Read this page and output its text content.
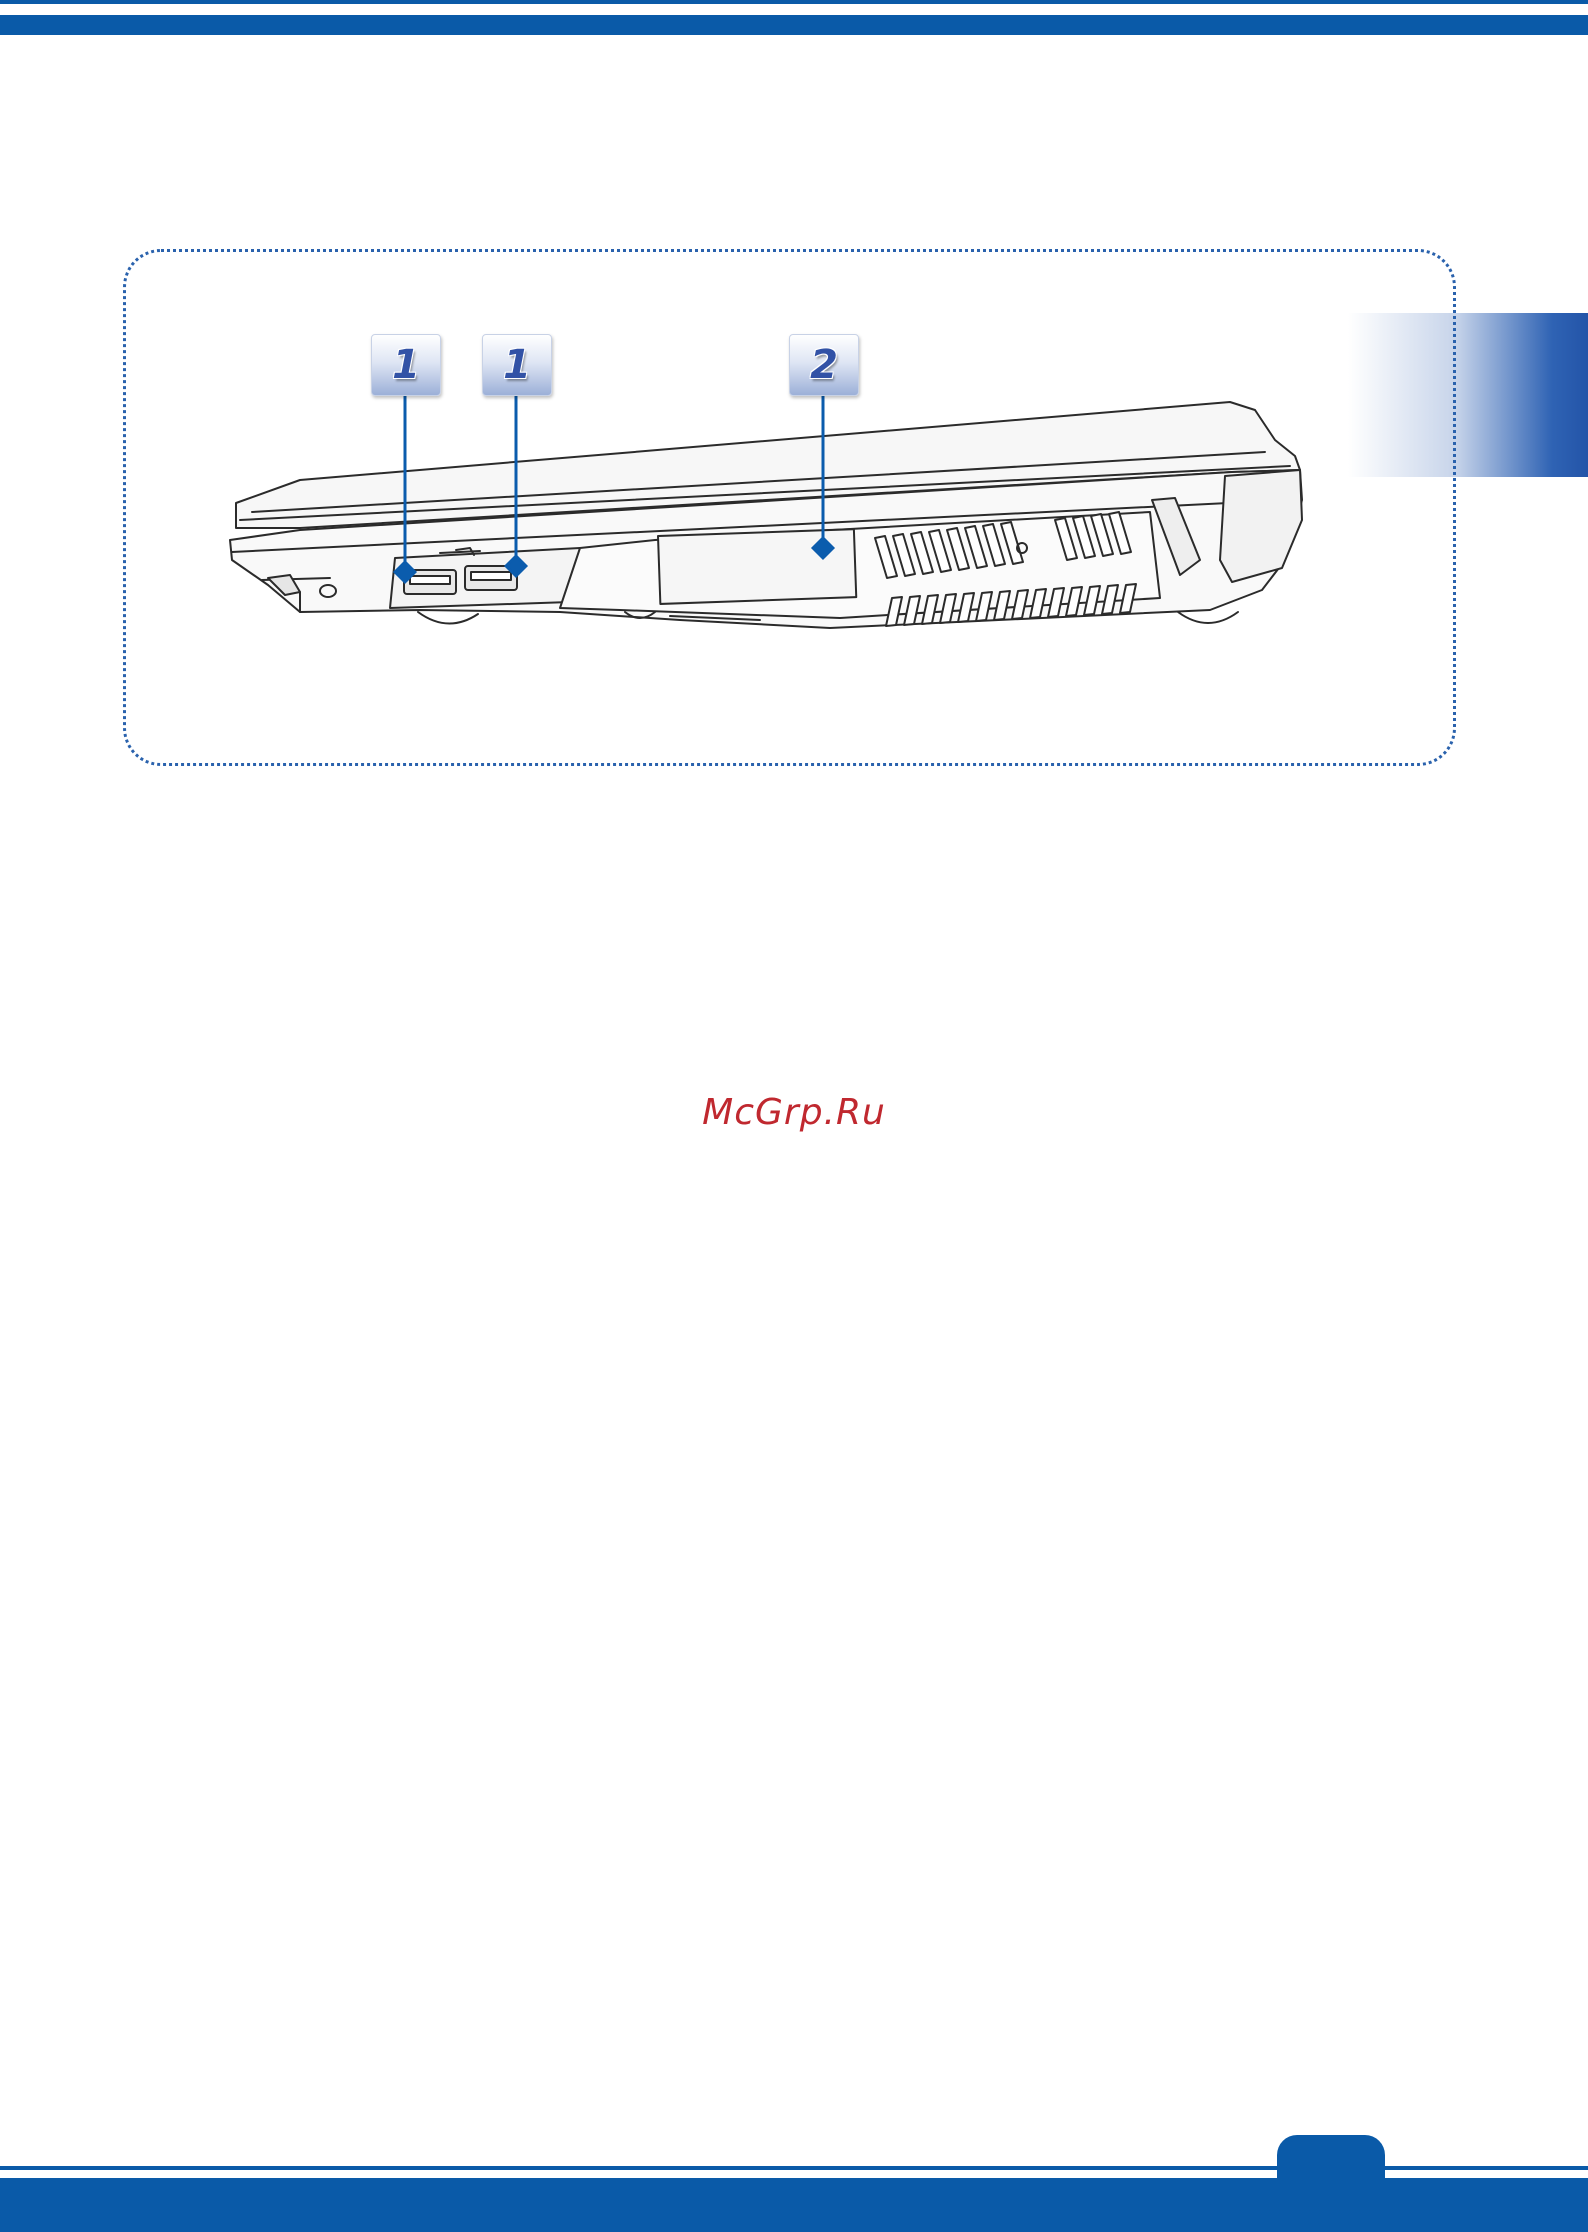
1 1	2
McGrp.Ru
